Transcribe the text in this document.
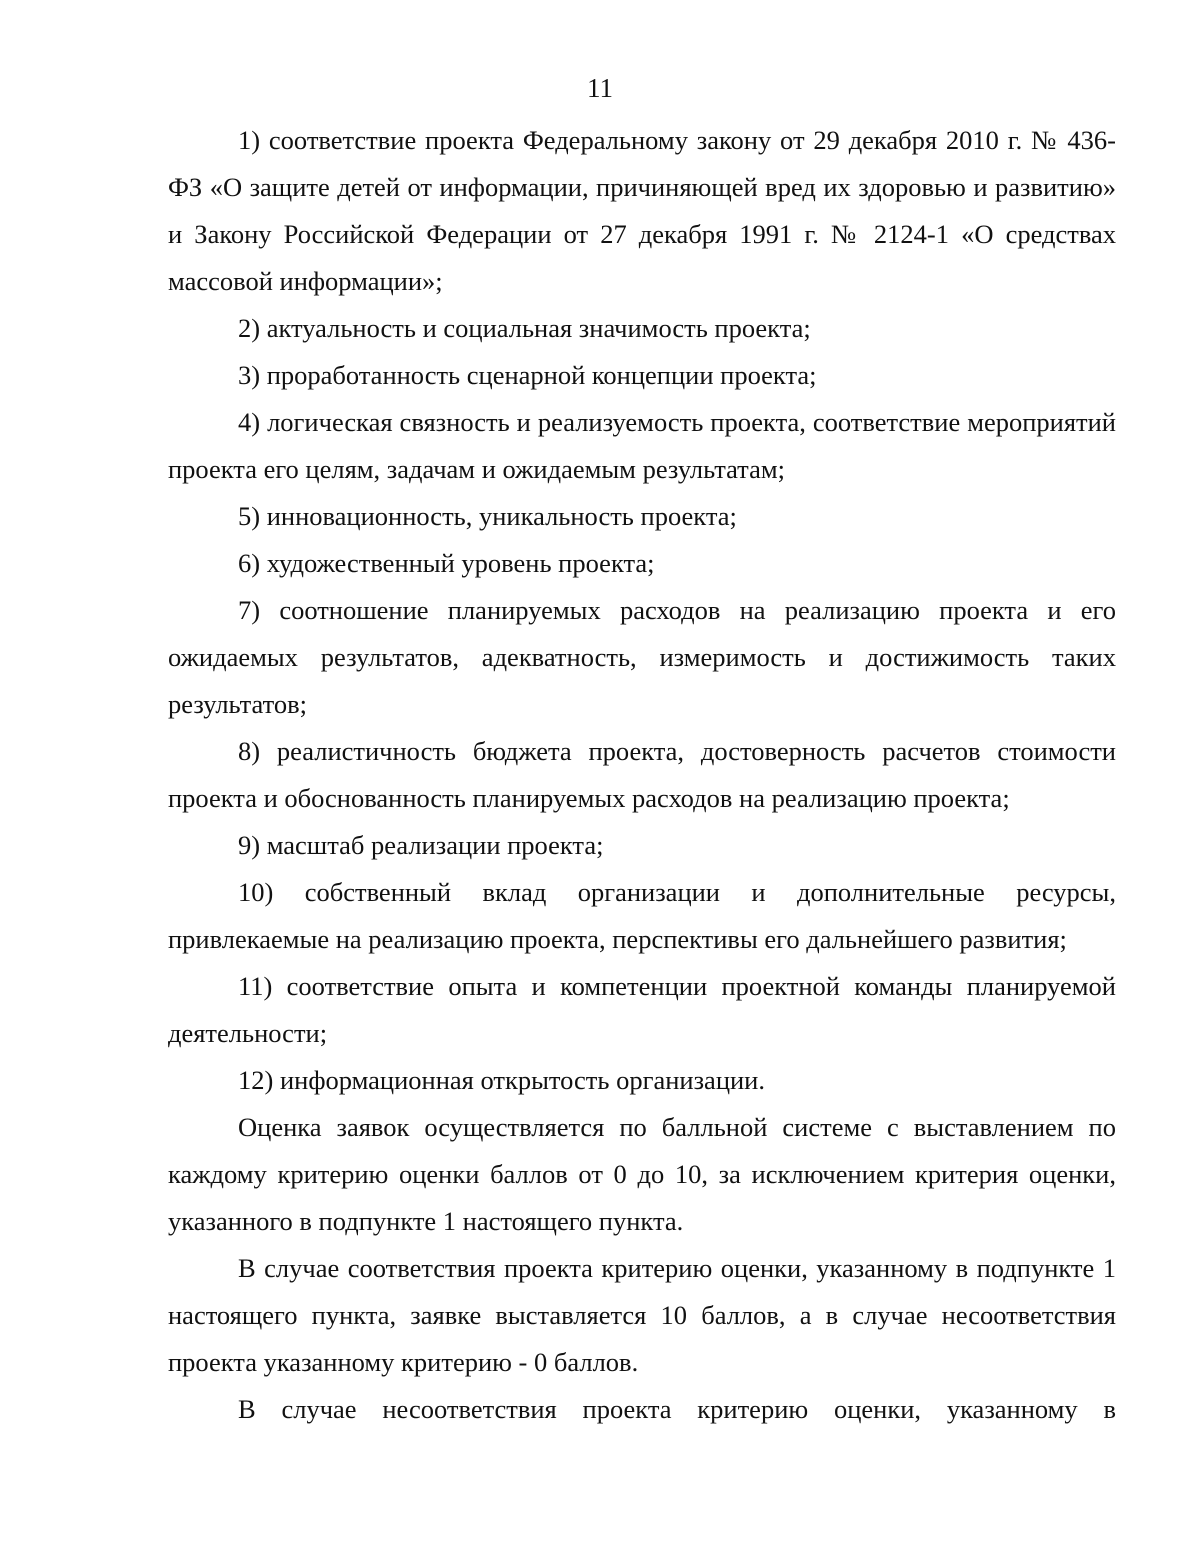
11

1) соответствие проекта Федеральному закону от 29 декабря 2010 г. № 436-ФЗ «О защите детей от информации, причиняющей вред их здоровью и развитию» и Закону Российской Федерации от 27 декабря 1991 г. № 2124-1 «О средствах массовой информации»;

2) актуальность и социальная значимость проекта;

3) проработанность сценарной концепции проекта;

4) логическая связность и реализуемость проекта, соответствие мероприятий проекта его целям, задачам и ожидаемым результатам;

5) инновационность, уникальность проекта;

6) художественный уровень проекта;

7) соотношение планируемых расходов на реализацию проекта и его ожидаемых результатов, адекватность, измеримость и достижимость таких результатов;

8) реалистичность бюджета проекта, достоверность расчетов стоимости проекта и обоснованность планируемых расходов на реализацию проекта;

9) масштаб реализации проекта;

10) собственный вклад организации и дополнительные ресурсы, привлекаемые на реализацию проекта, перспективы его дальнейшего развития;

11) соответствие опыта и компетенции проектной команды планируемой деятельности;

12) информационная открытость организации.

Оценка заявок осуществляется по балльной системе с выставлением по каждому критерию оценки баллов от 0 до 10, за исключением критерия оценки, указанного в подпункте 1 настоящего пункта.

В случае соответствия проекта критерию оценки, указанному в подпункте 1 настоящего пункта, заявке выставляется 10 баллов, а в случае несоответствия проекта указанному критерию - 0 баллов.

В случае несоответствия проекта критерию оценки, указанному в
